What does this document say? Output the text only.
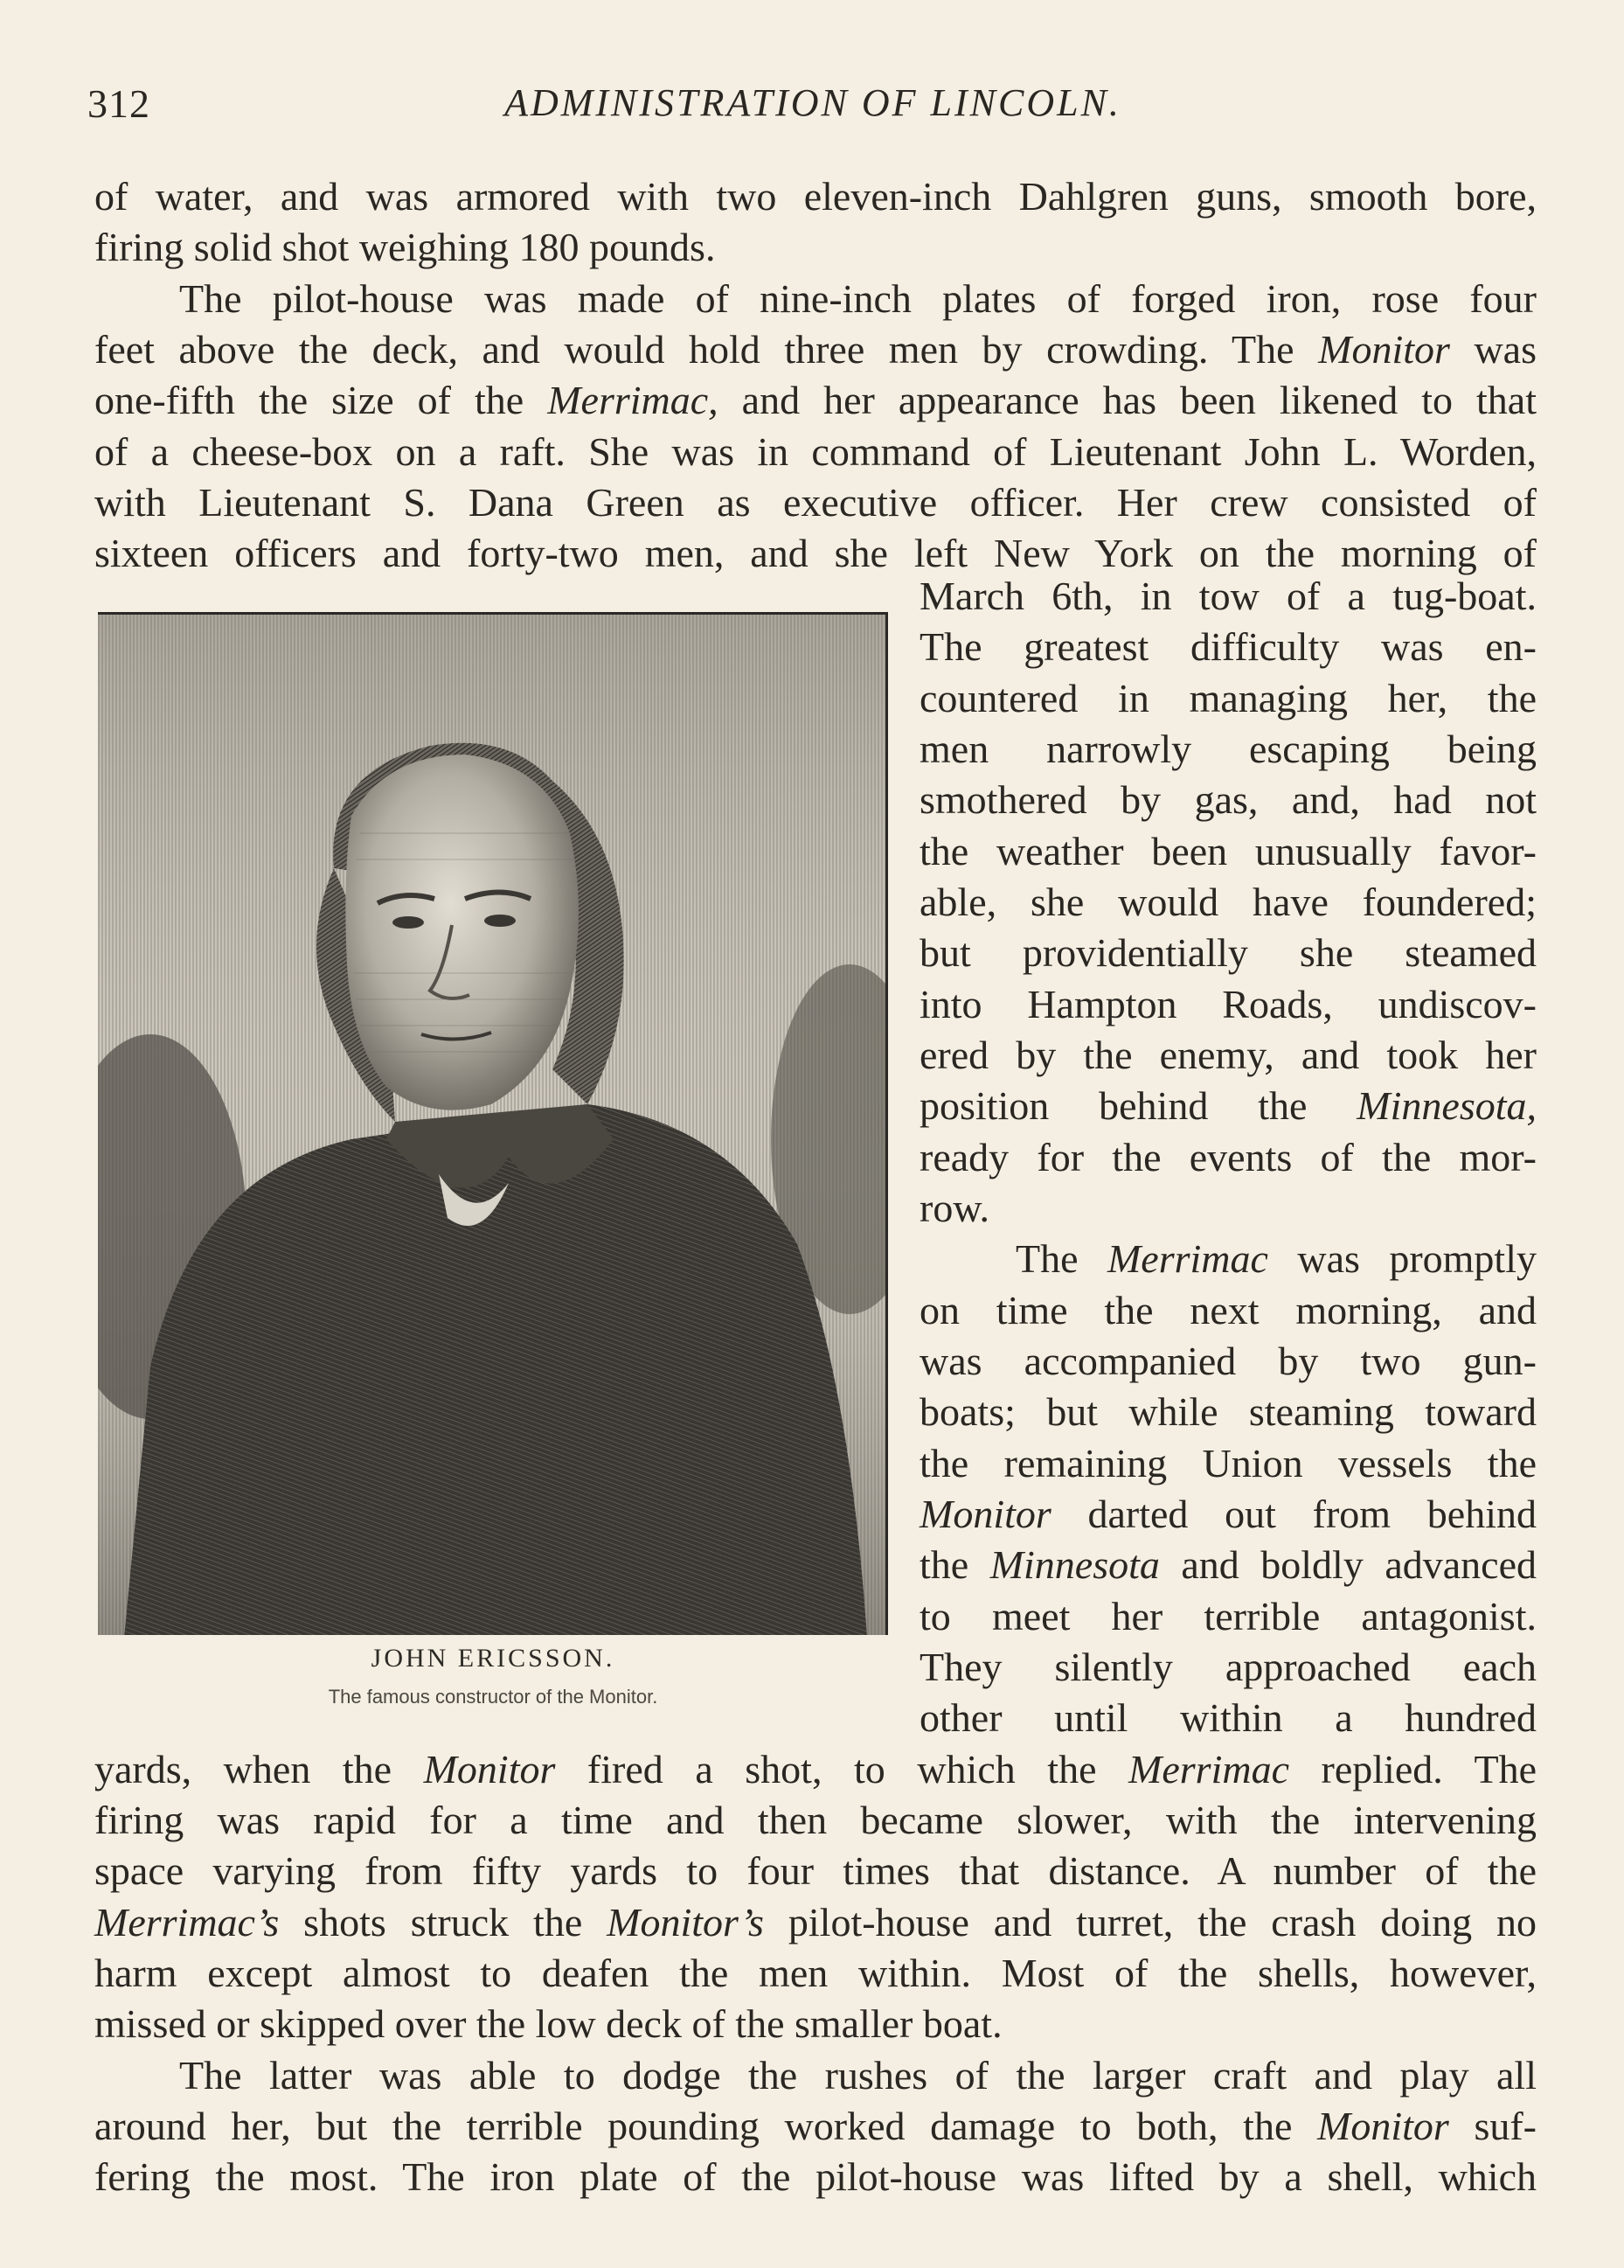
312	ADMINISTRATION OF LINCOLN.
of water, and was armored with two eleven-inch Dahlgren guns, smooth bore,
firing solid shot weighing 180 pounds.
The pilot-house was made of nine-inch plates of forged iron, rose four
feet above the deck, and would hold three men by crowding. The Monitor was
one-fifth the size of the Merrimac, and her appearance has been likened to that
of a cheese-box on a raft. She was in command of Lieutenant John L. Worden,
with Lieutenant S. Dana Green as executive officer. Her crew consisted of
sixteen officers and forty-two men, and she left New York on the morning of
JOHN ERICSSON.
The famous constructor of the Monitor.
March 6th, in tow of a tug-boat.
The greatest difficulty was en-
countered in managing her, the
men narrowly escaping being
smothered by gas, and, had not
the weather been unusually favor-
able, she would have foundered;
but providentially she steamed
into Hampton Roads, undiscov-
ered by the enemy, and took her
position behind the Minnesota,
ready for the events of the mor-
row.
The Merrimac was promptly
on time the next morning, and
was accompanied by two gun-
boats; but while steaming toward
the remaining Union vessels the
Monitor darted out from behind
the Minnesota and boldly advanced
to meet her terrible antagonist.
They silently approached each
other until within a hundred
yards, when the Monitor fired a shot, to which the Merrimac replied. The
firing was rapid for a time and then became slower, with the intervening
space varying from fifty yards to four times that distance. A number of the
Merrimac’s shots struck the Monitor’s pilot-house and turret, the crash doing no
harm except almost to deafen the men within. Most of the shells, however,
missed or skipped over the low deck of the smaller boat.
The latter was able to dodge the rushes of the larger craft and play all
around her, but the terrible pounding worked damage to both, the Monitor suf-
fering the most. The iron plate of the pilot-house was lifted by a shell, which
